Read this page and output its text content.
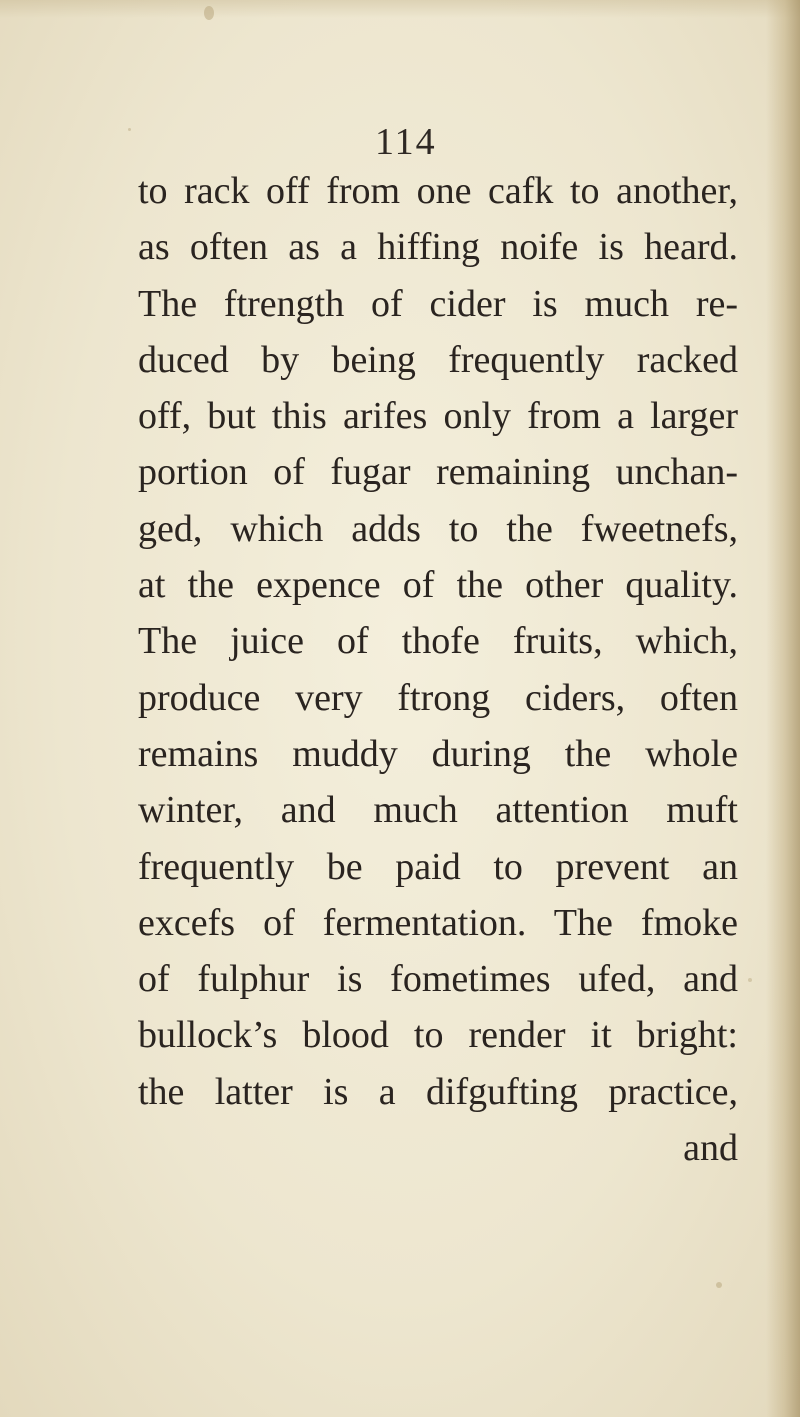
114
to rack off from one cafk to another,
as often as a hiffing noife is heard.
The ftrength of cider is much re-
duced by being frequently racked
off, but this arifes only from a larger
portion of fugar remaining unchan-
ged, which adds to the fweetnefs,
at the expence of the other quality.
The juice of thofe fruits, which,
produce very ftrong ciders, often
remains muddy during the whole
winter, and much attention muft
frequently be paid to prevent an
excefs of fermentation. The fmoke
of fulphur is fometimes ufed, and
bullock’s blood to render it bright:
the latter is a difgufting practice,
and
